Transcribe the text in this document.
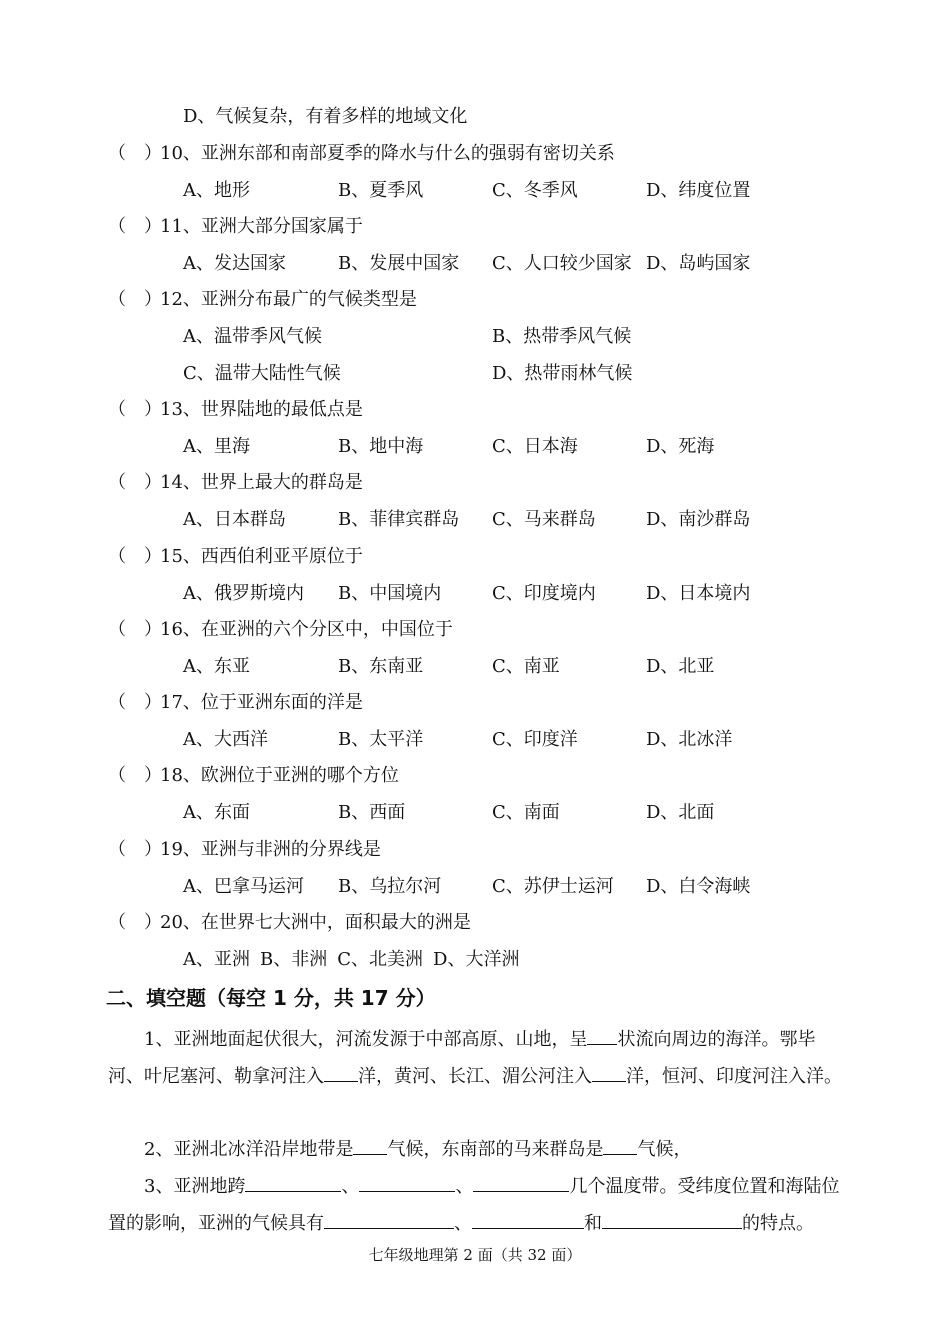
D、气候复杂，有着多样的地域文化
（　）10、亚洲东部和南部夏季的降水与什么的强弱有密切关系
A、地形	B、夏季风	C、冬季风	D、纬度位置
（　）11、亚洲大部分国家属于
A、发达国家	B、发展中国家 C、人口较少国家 D、岛屿国家
（　）12、亚洲分布最广的气候类型是
A、温带季风气候	B、热带季风气候
C、温带大陆性气候	D、热带雨林气候
（　）13、世界陆地的最低点是
A、里海	B、地中海	C、日本海	D、死海
（　）14、世界上最大的群岛是
A、日本群岛	B、菲律宾群岛 C、马来群岛	D、南沙群岛
（　）15、西西伯利亚平原位于
A、俄罗斯境内 B、中国境内	C、印度境内	D、日本境内
（　）16、在亚洲的六个分区中，中国位于
A、东亚	B、东南亚	C、南亚	D、北亚
（　）17、位于亚洲东面的洋是
A、大西洋	B、太平洋	C、印度洋	D、北冰洋
（　）18、欧洲位于亚洲的哪个方位
A、东面	B、西面	C、南面	D、北面
（　）19、亚洲与非洲的分界线是
A、巴拿马运河 B、乌拉尔河	C、苏伊士运河 D、白令海峡
（　）20、在世界七大洲中，面积最大的洲是
A、亚洲 B、非洲 C、北美洲 D、大洋洲
二、填空题（每空 1 分，共 17 分）
1、亚洲地面起伏很大，河流发源于中部高原、山地，呈 状流向周边的海洋。鄂毕河、叶尼塞河、勒拿河注入 洋，黄河、长江、湄公河注入 洋，恒河、印度河注入洋。
2、亚洲北冰洋沿岸地带是 气候，东南部的马来群岛是 气候，
3、亚洲地跨	、	、	几个温度带。受纬度位置和海陆位置的影响，亚洲的气候具有	、	和	的特点。
七年级地理第 2 面（共 32 面）
